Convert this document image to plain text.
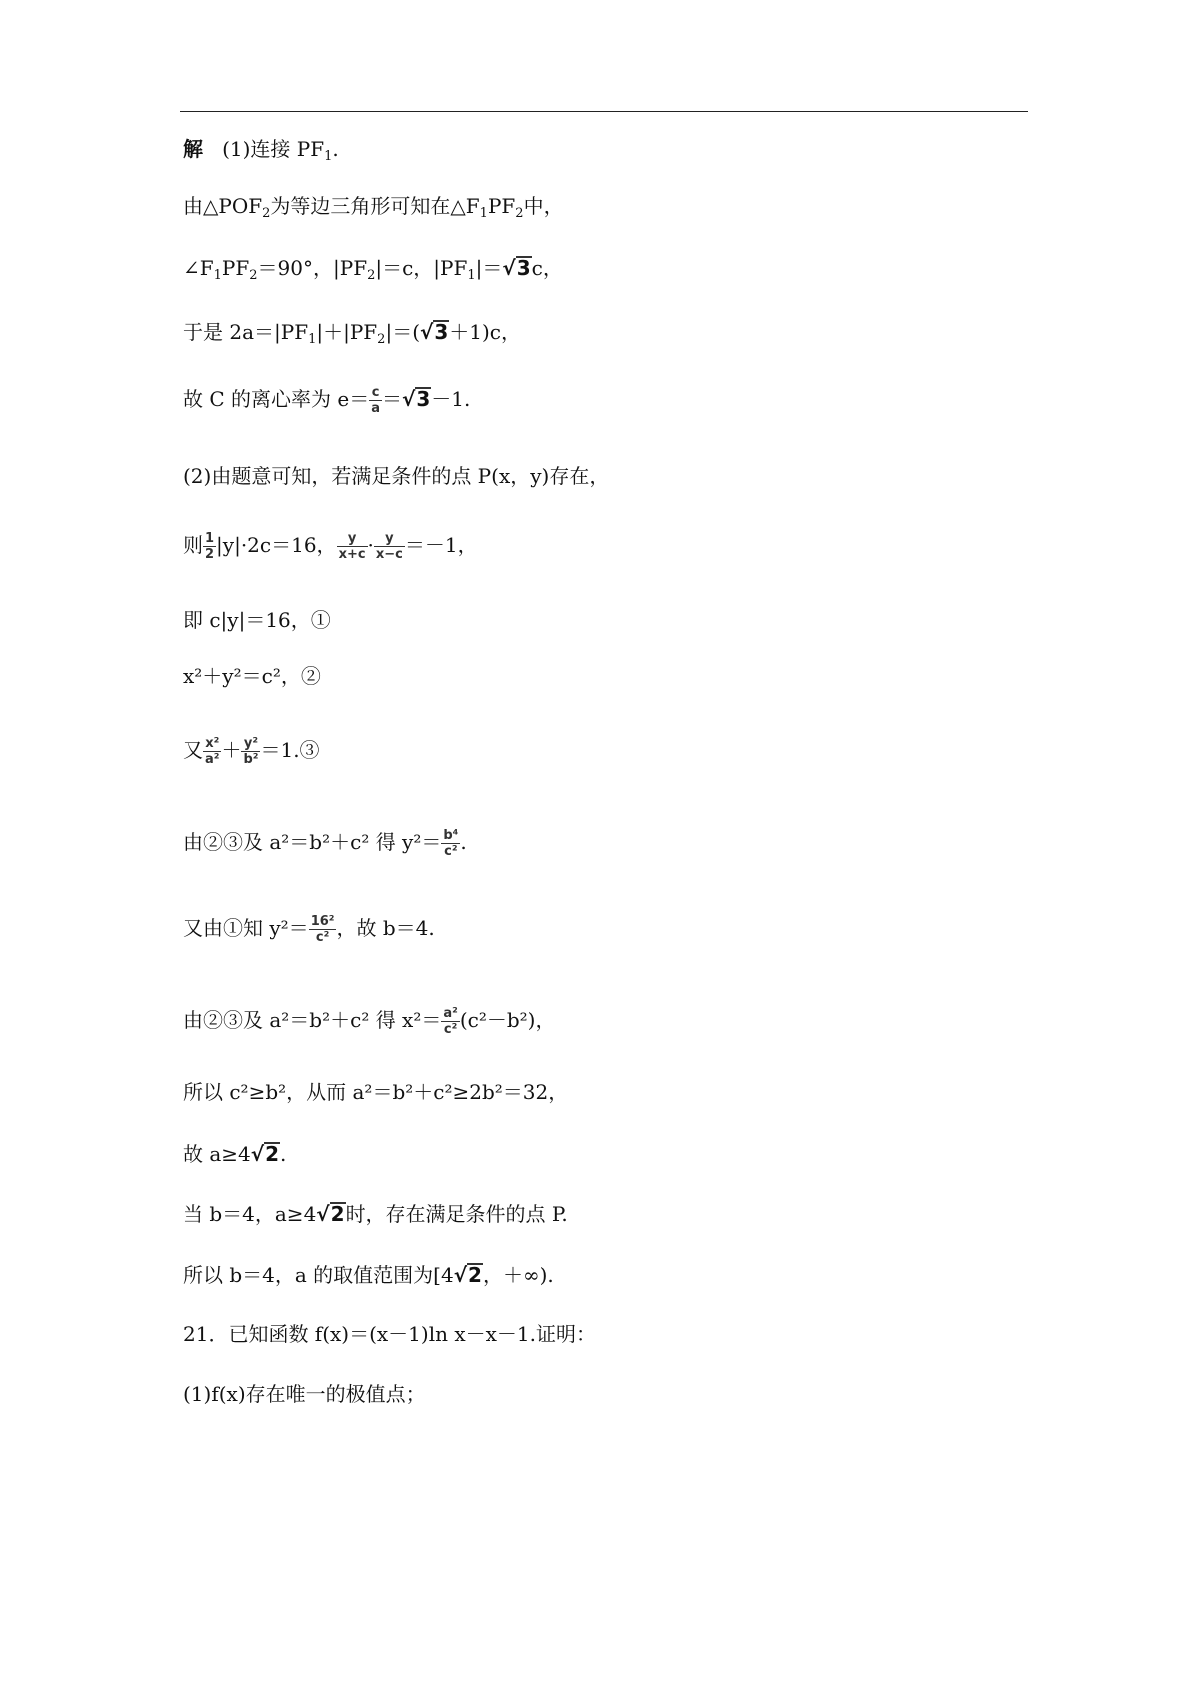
解 (1)连接 $PF_1$.
由$\triangle POF_2$为等边三角形可知在$\triangle F_1PF_2$中，
$\angle F_1PF_2=90^\circ$，$|PF_2|=c$，$|PF_1|=√3c$，
于是 $2a=|PF_1|+|PF_2|=(√3+1)c$，
故 C 的离心率为 $e= \frac{c}{a} =√3-1$.
(2)由题意可知，若满足条件的点 P(x，y)存在，
则 $\frac{1}{2} |y|\cdot 2c=16$， $\frac{y}{x+c} \cdot \frac{y}{x-c} =-1$，
即 c|y|＝16，①
x²＋y²＝c²，②
又 $\frac{\text{x²}}{\text{a²}} + \frac{\text{y²}}{\text{b²}}$ ＝1.③
由②③及 a²＝b²＋c² 得 $y^2= \frac{\text{b⁴}}{\text{c²}}$ .
又由①知 $y^2= \frac{\text{16²}}{\text{c²}}$ ，故 b＝4.
由②③及 a²＝b²＋c² 得 $x^2= \frac{\text{a²}}{\text{c²}} (c^2-b^2)$，
所以 c²≥b²，从而 a²＝b²＋c²≥2b²＝32，
故 a≥4√2.
当 b＝4，a≥4√2时，存在满足条件的点 P.
所以 b＝4，a 的取值范围为[4√2，＋∞).
21．已知函数 f(x)＝(x－1)ln x－x－1.证明：
(1)f(x)存在唯一的极值点；
